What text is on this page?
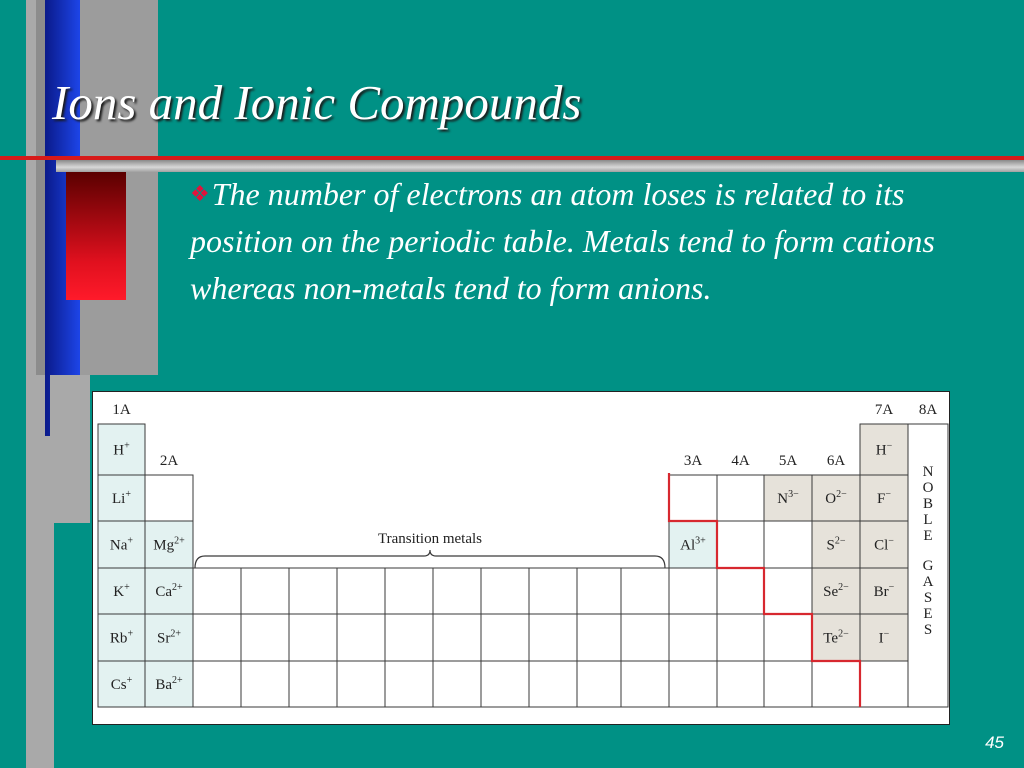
Ions and Ionic Compounds
❖The number of electrons an atom loses is related to its position on the periodic table. Metals tend to form cations whereas non-metals tend to form anions.
1A
2A	3A 4A 5A 6A
7A 8A
Transition metals
H+
Li+
Na+
K+
Rb+
Cs+
$Mg^{2+}$
$Ca^{2+}$
$Sr^{2+}$
$Ba^{2+}$
$Al^{3+}$
$N^{3-}$ $O^{2-}$
$S^{2-}$
$Se^{2-}$
$Te^{2-}$
H−
F−
Cl−
Br−
I−
N
O
B
L
E
G
A
S
E
S
45
